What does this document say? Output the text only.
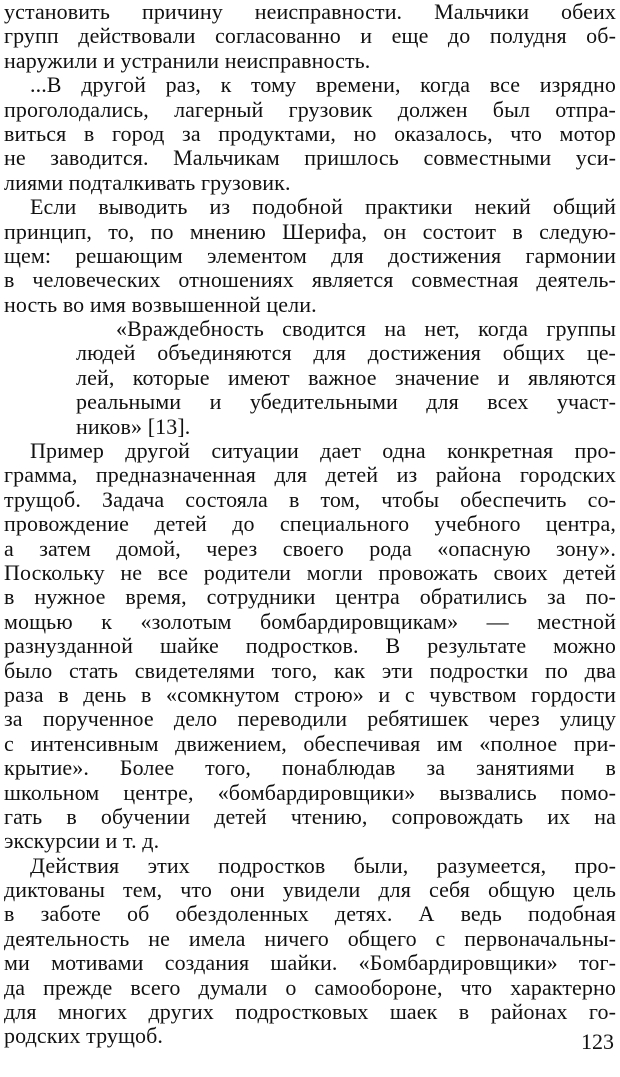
установить причину неисправности. Мальчики обеих
групп действовали согласованно и еще до полудня об-
наружили и устранили неисправность.
...В другой раз, к тому времени, когда все изрядно
проголодались, лагерный грузовик должен был отпра-
виться в город за продуктами, но оказалось, что мотор
не заводится. Мальчикам пришлось совместными уси-
лиями подталкивать грузовик.
Если выводить из подобной практики некий общий
принцип, то, по мнению Шерифа, он состоит в следую-
щем: решающим элементом для достижения гармонии
в человеческих отношениях является совместная деятель-
ность во имя возвышенной цели.
«Враждебность сводится на нет, когда группы
людей объединяются для достижения общих це-
лей, которые имеют важное значение и являются
реальными и убедительными для всех участ-
ников» [13].
Пример другой ситуации дает одна конкретная про-
грамма, предназначенная для детей из района городских
трущоб. Задача состояла в том, чтобы обеспечить со-
провождение детей до специального учебного центра,
а затем домой, через своего рода «опасную зону».
Поскольку не все родители могли провожать своих детей
в нужное время, сотрудники центра обратились за по-
мощью к «золотым бомбардировщикам» — местной
разнузданной шайке подростков. В результате можно
было стать свидетелями того, как эти подростки по два
раза в день в «сомкнутом строю» и с чувством гордости
за порученное дело переводили ребятишек через улицу
с интенсивным движением, обеспечивая им «полное при-
крытие». Более того, понаблюдав за занятиями в
школьном центре, «бомбардировщики» вызвались помо-
гать в обучении детей чтению, сопровождать их на
экскурсии и т. д.
Действия этих подростков были, разумеется, про-
диктованы тем, что они увидели для себя общую цель
в заботе об обездоленных детях. А ведь подобная
деятельность не имела ничего общего с первоначальны-
ми мотивами создания шайки. «Бомбардировщики» тог-
да прежде всего думали о самообороне, что характерно
для многих других подростковых шаек в районах го-
родских трущоб.	123
